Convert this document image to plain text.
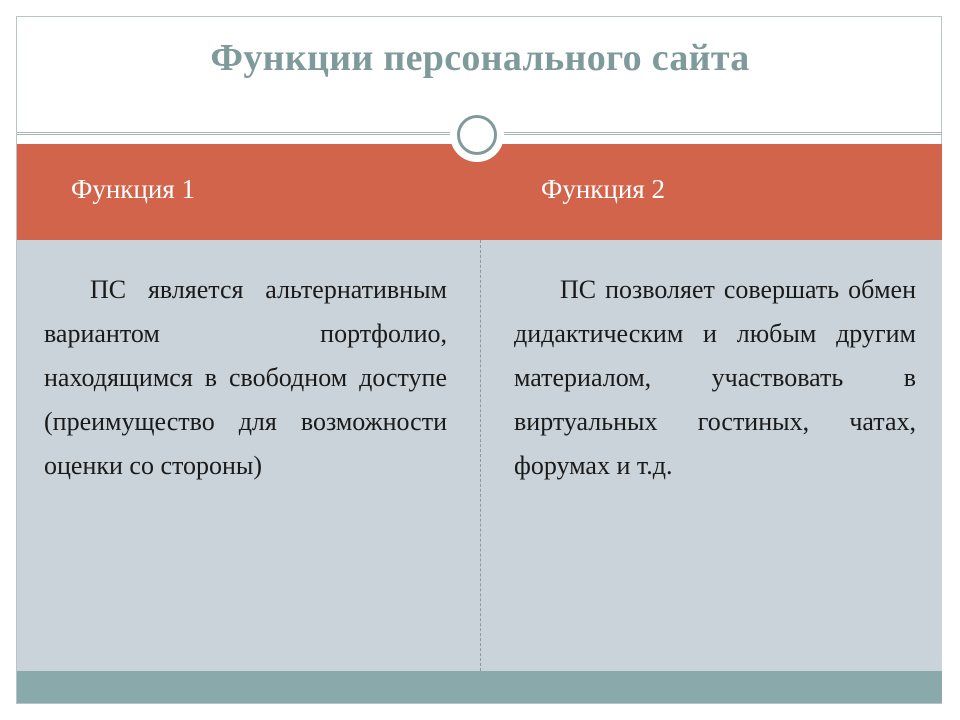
Функции персонального сайта
Функция 1	Функция 2
ПС является альтернативным вариантом портфолио, находящимся в свободном доступе (преимущество для возможности оценки со стороны)
ПС позволяет совершать обмен дидактическим и любым другим материалом, участвовать в виртуальных гостиных, чатах, форумах и т.д.
